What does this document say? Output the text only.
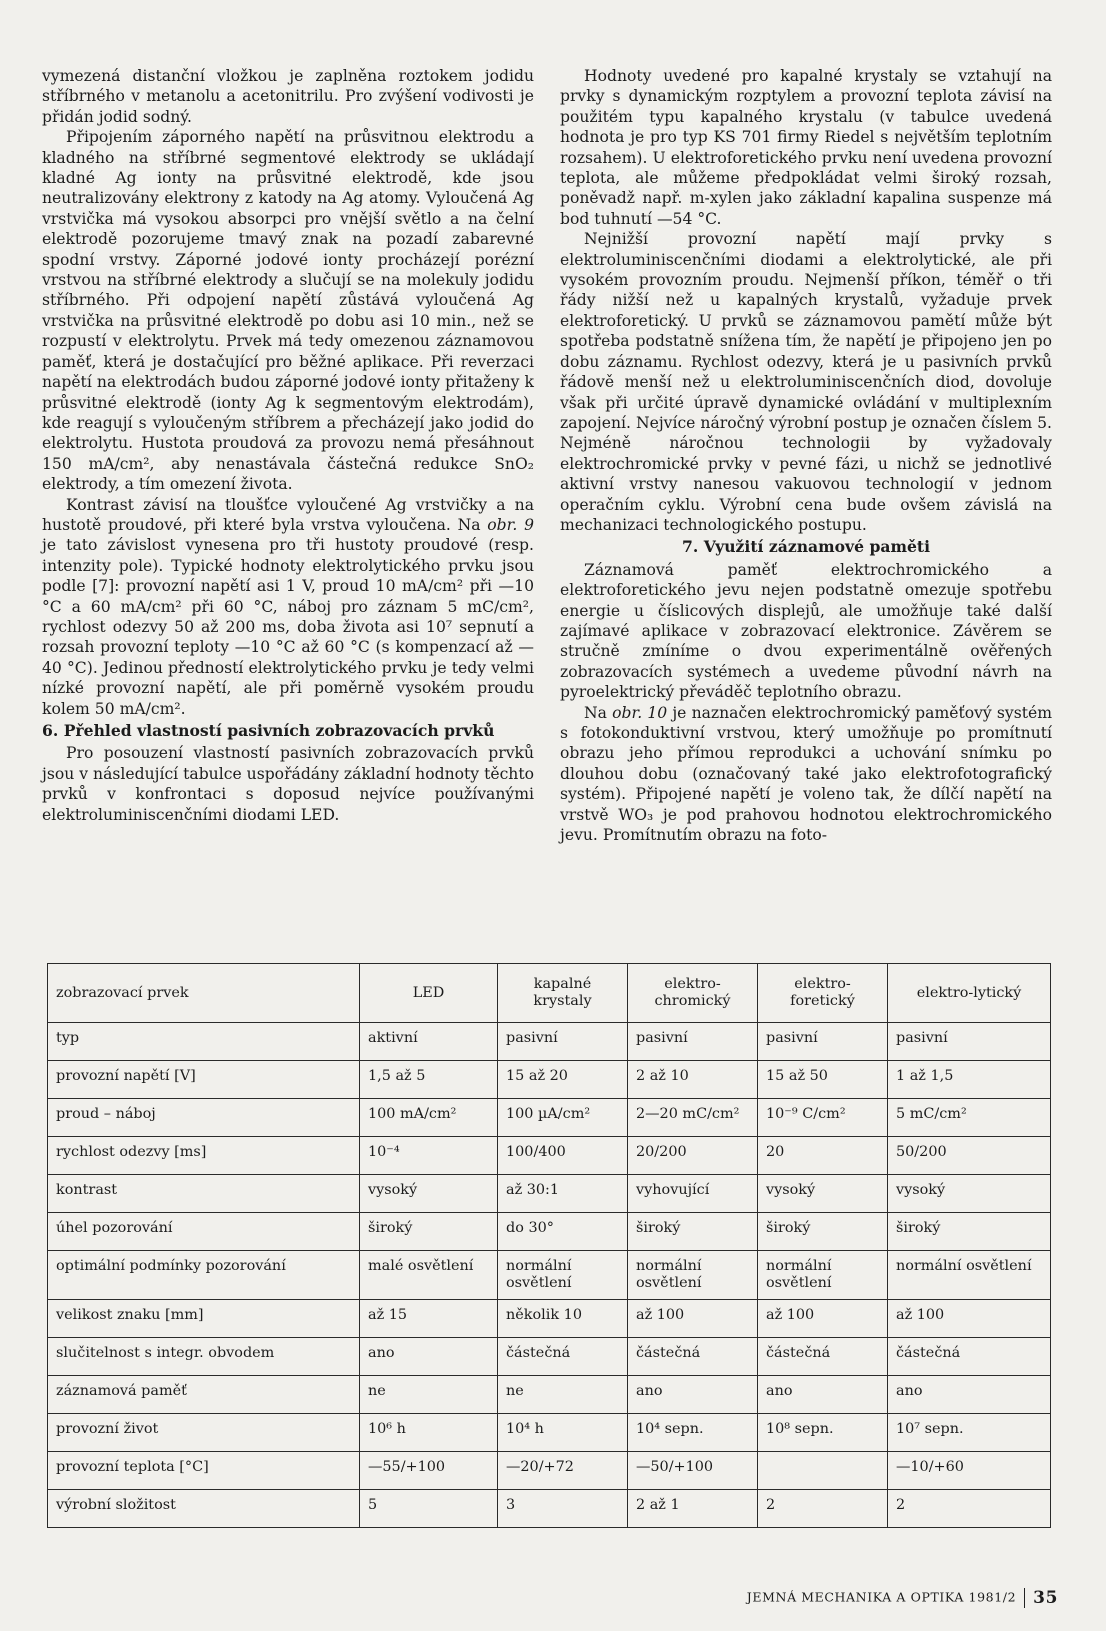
vymezená distanční vložkou je zaplněna roztokem jodidu stříbrného v metanolu a acetonitrilu. Pro zvýšení vodivosti je přidán jodid sodný.

Připojením záporného napětí na průsvitnou elektrodu a kladného na stříbrné segmentové elektrody se ukládají kladné Ag ionty na průsvitné elektrodě, kde jsou neutralizovány elektrony z katody na Ag atomy. Vyloučená Ag vrstvička má vysokou absorpci pro vnější světlo a na čelní elektrodě pozorujeme tmavý znak na pozadí zabarevné spodní vrstvy. Záporné jodové ionty procházejí porézní vrstvou na stříbrné elektrody a slučují se na molekuly jodidu stříbrného. Při odpojení napětí zůstává vyloučená Ag vrstvička na průsvitné elektrodě po dobu asi 10 min., než se rozpustí v elektrolytu. Prvek má tedy omezenou záznamovou paměť, která je dostačující pro běžné aplikace. Při reverzaci napětí na elektrodách budou záporné jodové ionty přitaženy k průsvitné elektrodě (ionty Ag k segmentovým elektrodám), kde reagují s vyloučeným stříbrem a přecházejí jako jodid do elektrolytu. Hustota proudová za provozu nemá přesáhnout 150 mA/cm², aby nenastávala částečná redukce SnO₂ elektrody, a tím omezení života.

Kontrast závisí na tloušťce vyloučené Ag vrstvičky a na hustotě proudové, při které byla vrstva vyloučena. Na obr. 9 je tato závislost vynesena pro tři hustoty proudové (resp. intenzity pole). Typické hodnoty elektrolytického prvku jsou podle [7]: provozní napětí asi 1 V, proud 10 mA/cm² při —10 °C a 60 mA/cm² při 60 °C, náboj pro záznam 5 mC/cm², rychlost odezvy 50 až 200 ms, doba života asi 10⁷ sepnutí a rozsah provozní teploty —10 °C až 60 °C (s kompenzací až —40 °C). Jedinou předností elektrolytického prvku je tedy velmi nízké provozní napětí, ale při poměrně vysokém proudu kolem 50 mA/cm².

6. Přehled vlastností pasivních zobrazovacích prvků

Pro posouzení vlastností pasivních zobrazovacích prvků jsou v následující tabulce uspořádány základní hodnoty těchto prvků v konfrontaci s doposud nejvíce používanými elektroluminiscenčními diodami LED.

Hodnoty uvedené pro kapalné krystaly se vztahují na prvky s dynamickým rozptylem a provozní teplota závisí na použitém typu kapalného krystalu (v tabulce uvedená hodnota je pro typ KS 701 firmy Riedel s největším teplotním rozsahem). U elektroforetického prvku není uvedena provozní teplota, ale můžeme předpokládat velmi široký rozsah, poněvadž např. m-xylen jako základní kapalina suspenze má bod tuhnutí —54 °C.

Nejnižší provozní napětí mají prvky s elektroluminiscenčními diodami a elektrolytické, ale při vysokém provozním proudu. Nejmenší příkon, téměř o tři řády nižší než u kapalných krystalů, vyžaduje prvek elektroforetický. U prvků se záznamovou pamětí může být spotřeba podstatně snížena tím, že napětí je připojeno jen po dobu záznamu. Rychlost odezvy, která je u pasivních prvků řádově menší než u elektroluminiscenčních diod, dovoluje však při určité úpravě dynamické ovládání v multiplexním zapojení. Nejvíce náročný výrobní postup je označen číslem 5. Nejméně náročnou technologii by vyžadovaly elektrochromické prvky v pevné fázi, u nichž se jednotlivé aktivní vrstvy nanesou vakuovou technologií v jednom operačním cyklu. Výrobní cena bude ovšem závislá na mechanizaci technologického postupu.

7. Využití záznamové paměti

Záznamová paměť elektrochromického a elektroforetického jevu nejen podstatně omezuje spotřebu energie u číslicových displejů, ale umožňuje také další zajímavé aplikace v zobrazovací elektronice. Závěrem se stručně zmíníme o dvou experimentálně ověřených zobrazovacích systémech a uvedeme původní návrh na pyroelektrický převáděč teplotního obrazu.

Na obr. 10 je naznačen elektrochromický paměťový systém s fotokonduktivní vrstvou, který umožňuje po promítnutí obrazu jeho přímou reprodukci a uchování snímku po dlouhou dobu (označovaný také jako elektrofotografický systém). Připojené napětí je voleno tak, že dílčí napětí na vrstvě WO₃ je pod prahovou hodnotou elektrochromického jevu. Promítnutím obrazu na foto-

zobrazovací prvek	LED	kapalné krystaly	elektro-chromický	elektro-foretický	elektro-lytický
typ	aktivní	pasivní	pasivní	pasivní	pasivní
provozní napětí [V]	1,5 až 5	15 až 20	2 až 10	15 až 50	1 až 1,5
proud – náboj	100 mA/cm²	100 µA/cm²	2—20 mC/cm²	10⁻⁹ C/cm²	5 mC/cm²
rychlost odezvy [ms]	10⁻⁴	100/400	20/200	20	50/200
kontrast	vysoký	až 30:1	vyhovující	vysoký	vysoký
úhel pozorování	široký	do 30°	široký	široký	široký
optimální podmínky pozorování	malé osvětlení	normální osvětlení	normální osvětlení	normální osvětlení	normální osvětlení
velikost znaku [mm]	až 15	několik 10	až 100	až 100	až 100
slučitelnost s integr. obvodem	ano	částečná	částečná	částečná	částečná
záznamová paměť	ne	ne	ano	ano	ano
provozní život	10⁶ h	10⁴ h	10⁴ sepn.	10⁸ sepn.	10⁷ sepn.
provozní teplota [°C]	—55/+100	—20/+72	—50/+100		—10/+60
výrobní složitost	5	3	2 až 1	2	2
JEMNÁ MECHANIKA A OPTIKA 1981/2 35
